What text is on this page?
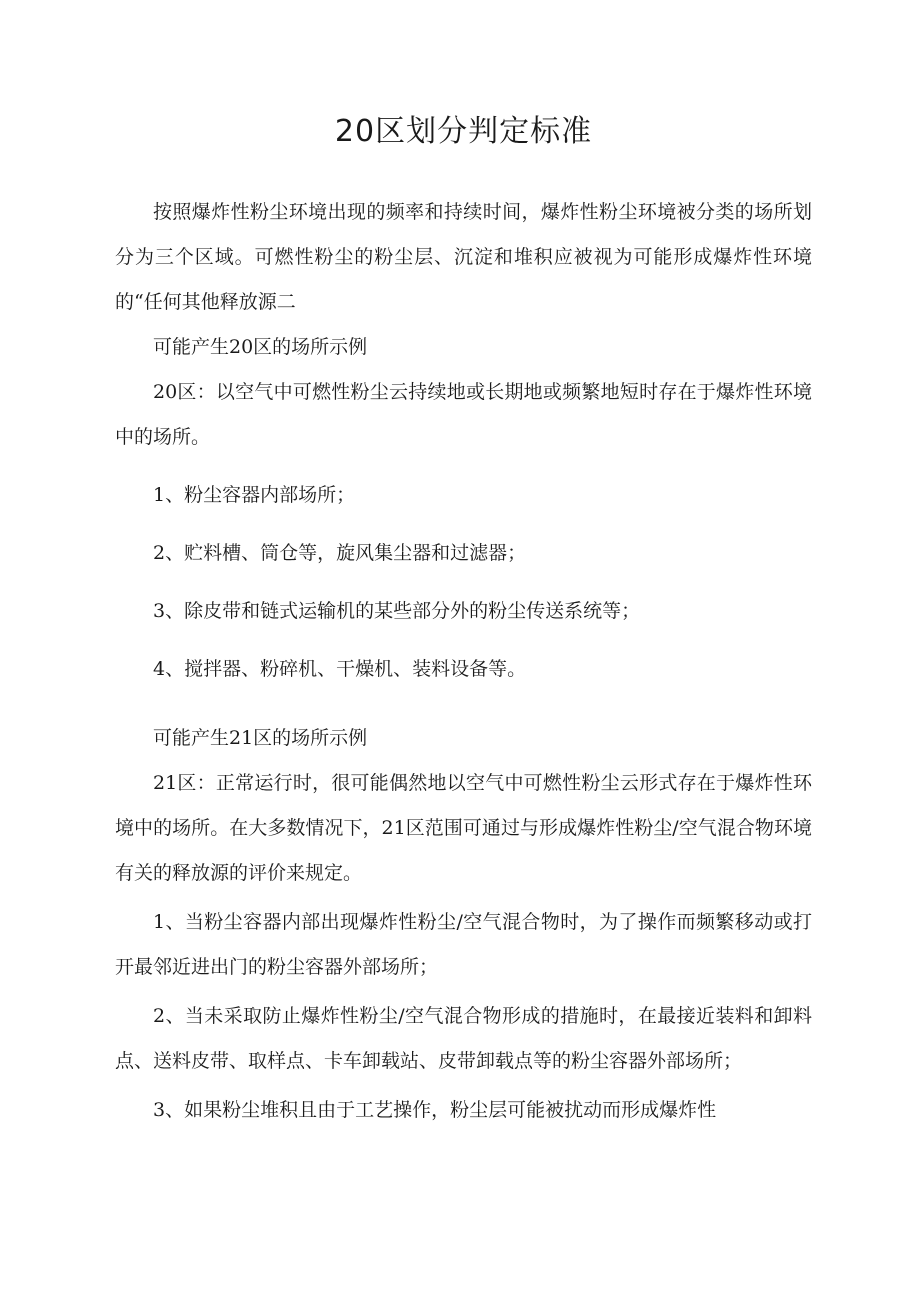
20区划分判定标准

按照爆炸性粉尘环境出现的频率和持续时间，爆炸性粉尘环境被分类的场所划分为三个区域。可燃性粉尘的粉尘层、沉淀和堆积应被视为可能形成爆炸性环境的“任何其他释放源二

可能产生20区的场所示例

20区：以空气中可燃性粉尘云持续地或长期地或频繁地短时存在于爆炸性环境中的场所。

1、粉尘容器内部场所；

2、贮料槽、筒仓等，旋风集尘器和过滤器；

3、除皮带和链式运输机的某些部分外的粉尘传送系统等；

4、搅拌器、粉碎机、干燥机、装料设备等。

可能产生21区的场所示例

21区：正常运行时，很可能偶然地以空气中可燃性粉尘云形式存在于爆炸性环境中的场所。在大多数情况下，21区范围可通过与形成爆炸性粉尘/空气混合物环境有关的释放源的评价来规定。

1、当粉尘容器内部出现爆炸性粉尘/空气混合物时，为了操作而频繁移动或打开最邻近进出门的粉尘容器外部场所；

2、当未采取防止爆炸性粉尘/空气混合物形成的措施时，在最接近装料和卸料点、送料皮带、取样点、卡车卸载站、皮带卸载点等的粉尘容器外部场所；

3、如果粉尘堆积且由于工艺操作，粉尘层可能被扰动而形成爆炸性
